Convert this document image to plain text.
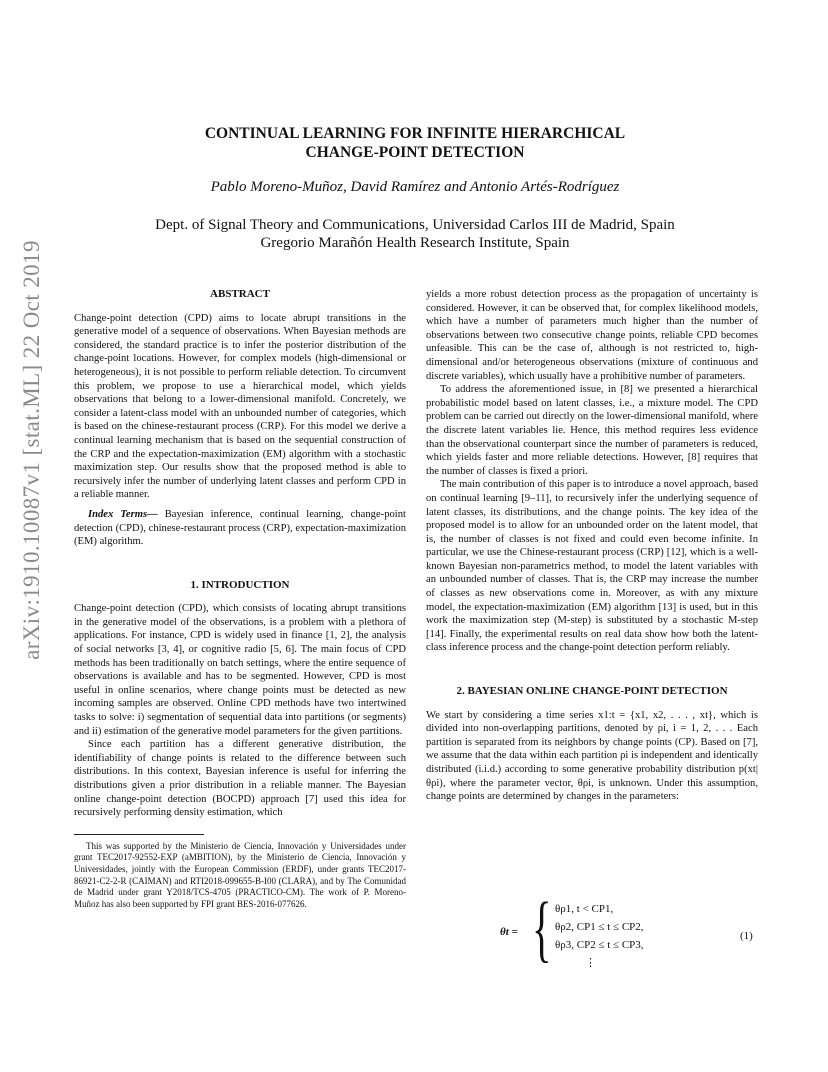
arXiv:1910.10087v1 [stat.ML] 22 Oct 2019
CONTINUAL LEARNING FOR INFINITE HIERARCHICAL
CHANGE-POINT DETECTION
Pablo Moreno-Muñoz, David Ramírez and Antonio Artés-Rodríguez
Dept. of Signal Theory and Communications, Universidad Carlos III de Madrid, Spain
Gregorio Marañón Health Research Institute, Spain
ABSTRACT

Change-point detection (CPD) aims to locate abrupt transitions in the generative model of a sequence of observations. When Bayesian methods are considered, the standard practice is to infer the posterior distribution of the change-point locations. However, for complex models (high-dimensional or heterogeneous), it is not possible to perform reliable detection. To circumvent this problem, we propose to use a hierarchical model, which yields observations that belong to a lower-dimensional manifold. Concretely, we consider a latent-class model with an unbounded number of categories, which is based on the chinese-restaurant process (CRP). For this model we derive a continual learning mechanism that is based on the sequential construction of the CRP and the expectation-maximization (EM) algorithm with a stochastic maximization step. Our results show that the proposed method is able to recursively infer the number of underlying latent classes and perform CPD in a reliable manner.

Index Terms— Bayesian inference, continual learning, change-point detection (CPD), chinese-restaurant process (CRP), expectation-maximization (EM) algorithm.

1. INTRODUCTION

Change-point detection (CPD), which consists of locating abrupt transitions in the generative model of the observations, is a problem with a plethora of applications. For instance, CPD is widely used in finance [1, 2], the analysis of social networks [3, 4], or cognitive radio [5, 6]. The main focus of CPD methods has been traditionally on batch settings, where the entire sequence of observations is available and has to be segmented. However, CPD is most useful in online scenarios, where change points must be detected as new incoming samples are observed. Online CPD methods have two intertwined tasks to solve: i) segmentation of sequential data into partitions (or segments) and ii) estimation of the generative model parameters for the given partitions.

Since each partition has a different generative distribution, the identifiability of change points is related to the difference between such distributions. In this context, Bayesian inference is useful for inferring the distributions given a prior distribution in a reliable manner. The Bayesian online change-point detection (BOCPD) approach [7] used this idea for recursively performing density estimation, which

This was supported by the Ministerio de Ciencia, Innovación y Universidades under grant TEC2017-92552-EXP (aMBITION), by the Ministerio de Ciencia, Innovación y Universidades, jointly with the European Commission (ERDF), under grants TEC2017-86921-C2-2-R (CAIMAN) and RTI2018-099655-B-I00 (CLARA), and by The Comunidad de Madrid under grant Y2018/TCS-4705 (PRACTICO-CM). The work of P. Moreno-Muñoz has also been supported by FPI grant BES-2016-077626.

yields a more robust detection process as the propagation of uncertainty is considered. However, it can be observed that, for complex likelihood models, which have a number of parameters much higher than the number of observations between two consecutive change points, reliable CPD becomes unfeasible. This can be the case of, although is not restricted to, high-dimensional and/or heterogeneous observations (mixture of continuous and discrete variables), which usually have a prohibitive number of parameters.

To address the aforementioned issue, in [8] we presented a hierarchical probabilistic model based on latent classes, i.e., a mixture model. The CPD problem can be carried out directly on the lower-dimensional manifold, where the discrete latent variables lie. Hence, this method requires less evidence than the observational counterpart since the number of parameters is reduced, which yields faster and more reliable detections. However, [8] requires that the number of classes is fixed a priori.

The main contribution of this paper is to introduce a novel approach, based on continual learning [9–11], to recursively infer the underlying sequence of latent classes, its distributions, and the change points. The key idea of the proposed model is to allow for an unbounded order on the latent model, that is, the number of classes is not fixed and could even become infinite. In particular, we use the Chinese-restaurant process (CRP) [12], which is a well-known Bayesian non-parametrics method, to model the latent variables with an unbounded number of classes. That is, the CRP may increase the number of classes as new observations come in. Moreover, as with any mixture model, the expectation-maximization (EM) algorithm [13] is used, but in this work the maximization step (M-step) is substituted by a stochastic M-step [14]. Finally, the experimental results on real data show how both the latent-class inference process and the change-point detection perform reliably.

2. BAYESIAN ONLINE CHANGE-POINT DETECTION

We start by considering a time series x1:t = {x1, x2, . . . , xt}, which is divided into non-overlapping partitions, denoted by ρi, i = 1, 2, . . . Each partition is separated from its neighbors by change points (CP). Based on [7], we assume that the data within each partition ρi is independent and identically distributed (i.i.d.) according to some generative probability distribution p(xt|θρi), where the parameter vector, θρi, is unknown. Under this assumption, change points are determined by changes in the parameters:

θt = { θρ1, t < CP1,
θρ2, CP1 ≤ t ≤ CP2,
θρ3, CP2 ≤ t ≤ CP3,
⋮
(1)
